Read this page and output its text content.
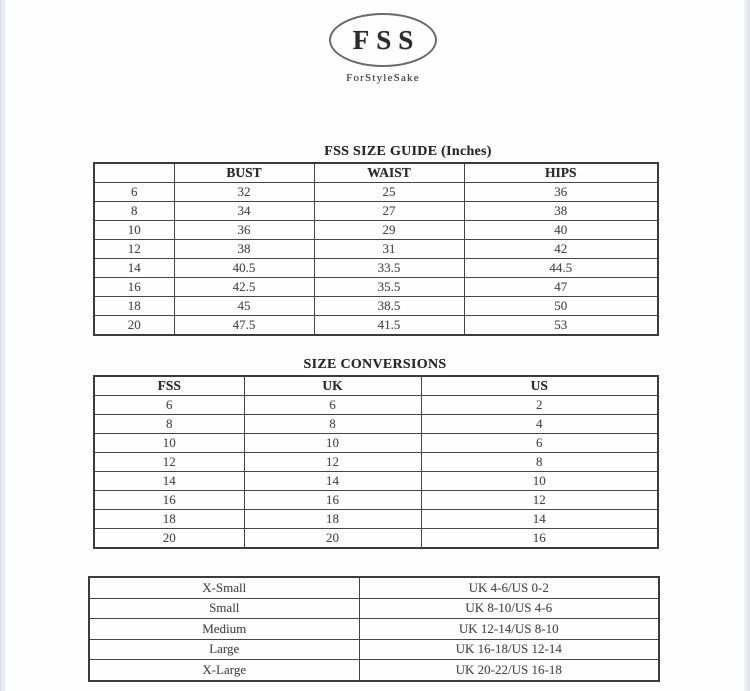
FSS
ForStyleSake
FSS SIZE GUIDE (Inches)
	BUST	WAIST	HIPS
6	32	25	36
8	34	27	38
10	36	29	40
12	38	31	42
14	40.5	33.5	44.5
16	42.5	35.5	47
18	45	38.5	50
20	47.5	41.5	53
SIZE CONVERSIONS
FSS	UK	US
6	6	2
8	8	4
10	10	6
12	12	8
14	14	10
16	16	12
18	18	14
20	20	16
X-Small	UK 4-6/US 0-2
Small	UK 8-10/US 4-6
Medium	UK 12-14/US 8-10
Large	UK 16-18/US 12-14
X-Large	UK 20-22/US 16-18
